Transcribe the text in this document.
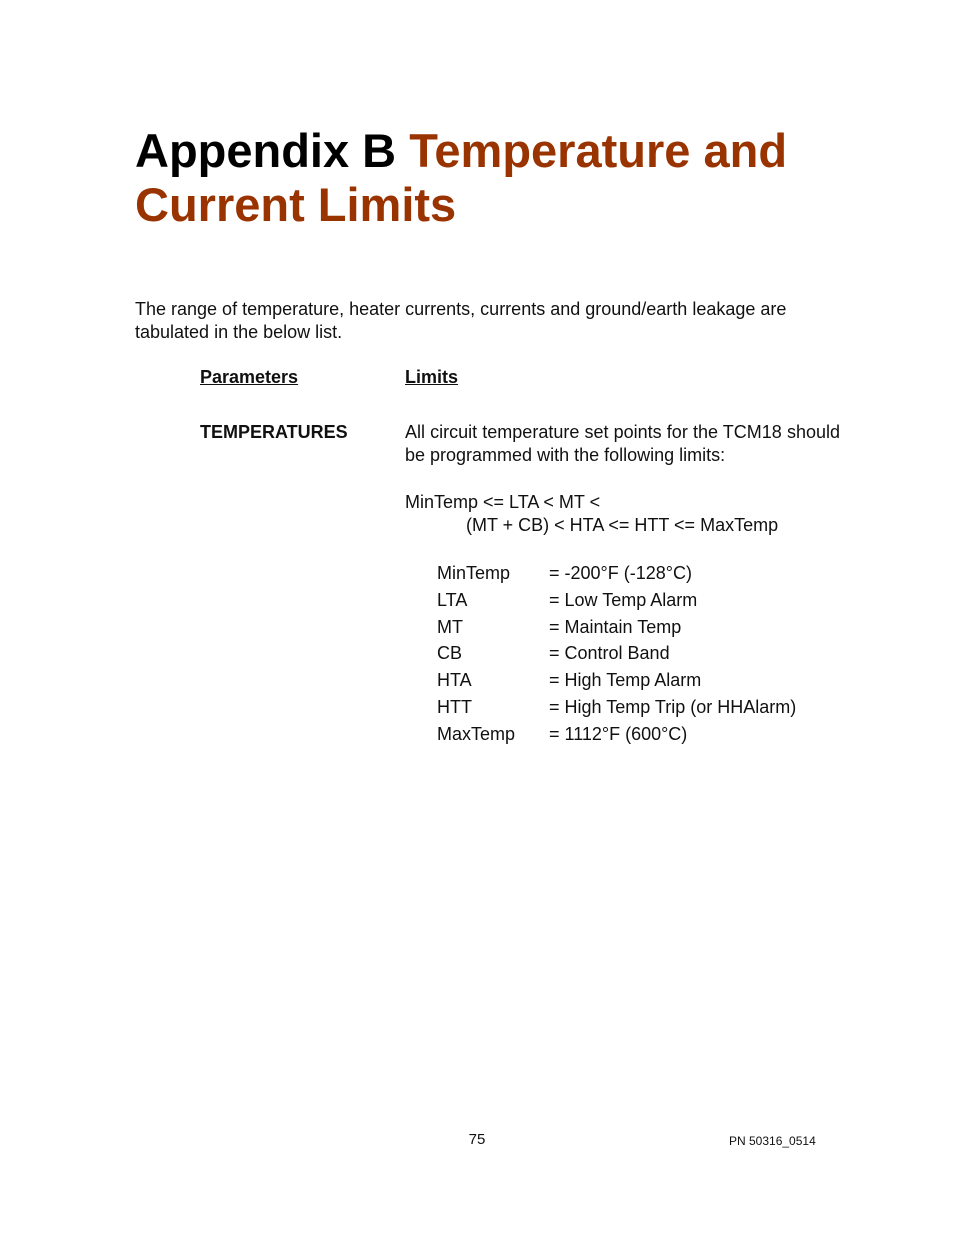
Appendix B Temperature and
Current Limits

The range of temperature, heater currents, currents and ground/earth leakage are tabulated in the below list.

Parameters	Limits
TEMPERATURES	All circuit temperature set points for the TCM18 should be programmed with the following limits:

MinTemp <= LTA < MT <
(MT + CB) < HTA <= HTT <= MaxTemp
MinTemp	= -200°F (-128°C)
LTA	= Low Temp Alarm
MT	= Maintain Temp
CB	= Control Band
HTA	= High Temp Alarm
HTT	= High Temp Trip (or HHAlarm)
MaxTemp	= 1112°F (600°C)
75	PN 50316_0514
